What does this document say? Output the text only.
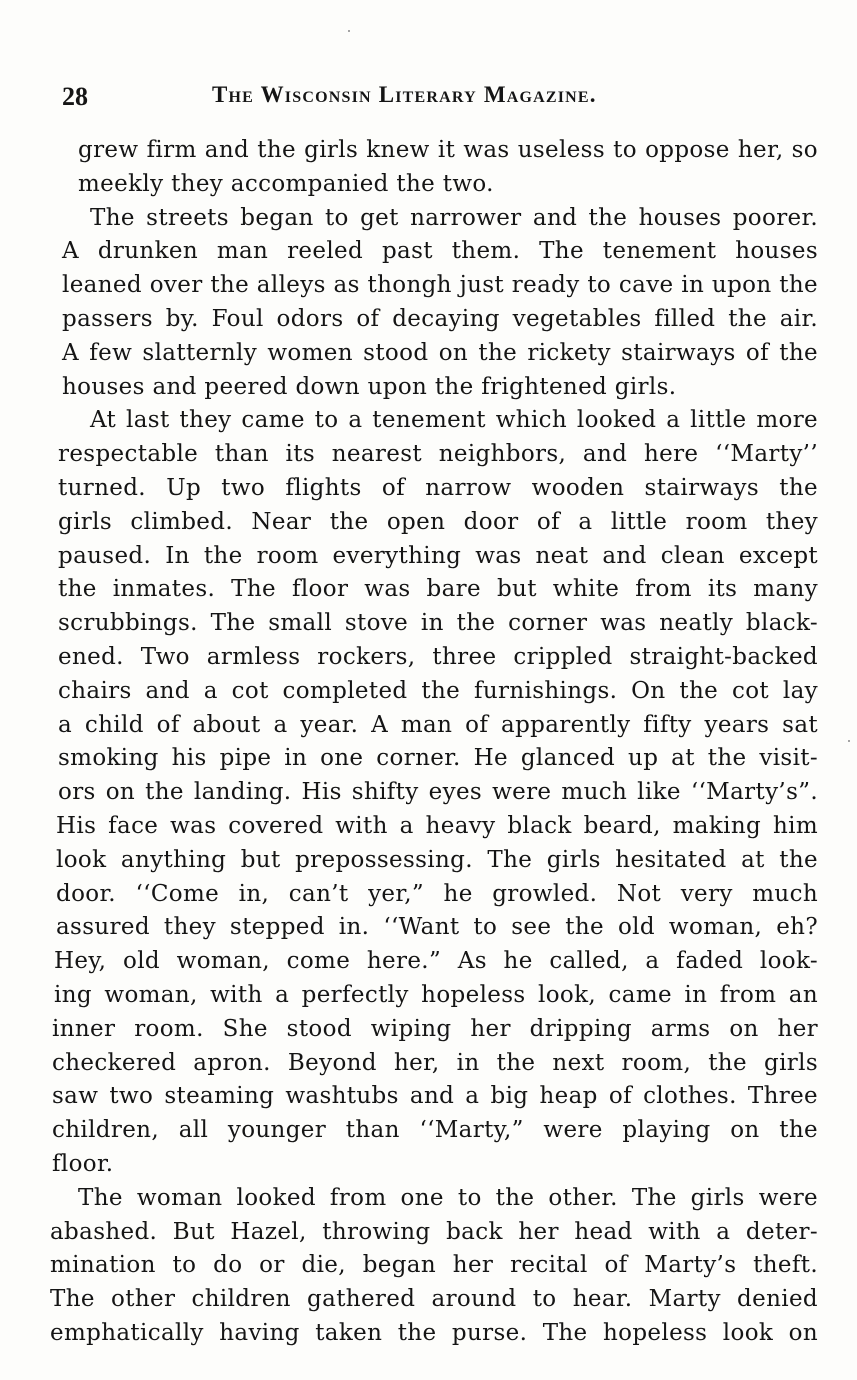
28	The Wisconsin Literary Magazine.
grew firm and the girls knew it was useless to oppose her, so
meekly they accompanied the two.
The streets began to get narrower and the houses poorer.
A drunken man reeled past them. The tenement houses
leaned over the alleys as thongh just ready to cave in upon the
passers by. Foul odors of decaying vegetables filled the air.
A few slatternly women stood on the rickety stairways of the
houses and peered down upon the frightened girls.
At last they came to a tenement which looked a little more
respectable than its nearest neighbors, and here ‘‘Marty’’
turned. Up two flights of narrow wooden stairways the
girls climbed. Near the open door of a little room they
paused. In the room everything was neat and clean except
the inmates. The floor was bare but white from its many
scrubbings. The small stove in the corner was neatly black-
ened. Two armless rockers, three crippled straight-backed
chairs and a cot completed the furnishings. On the cot lay
a child of about a year. A man of apparently fifty years sat
smoking his pipe in one corner. He glanced up at the visit-
ors on the landing. His shifty eyes were much like ‘‘Marty’s”.
His face was covered with a heavy black beard, making him
look anything but prepossessing. The girls hesitated at the
door. ‘‘Come in, can’t yer,” he growled. Not very much
assured they stepped in. ‘‘Want to see the old woman, eh?
Hey, old woman, come here.” As he called, a faded look-
ing woman, with a perfectly hopeless look, came in from an
inner room. She stood wiping her dripping arms on her
checkered apron. Beyond her, in the next room, the girls
saw two steaming washtubs and a big heap of clothes. Three
children, all younger than ‘‘Marty,” were playing on the
floor.
The woman looked from one to the other. The girls were
abashed. But Hazel, throwing back her head with a deter-
mination to do or die, began her recital of Marty’s theft.
The other children gathered around to hear. Marty denied
emphatically having taken the purse. The hopeless look on
